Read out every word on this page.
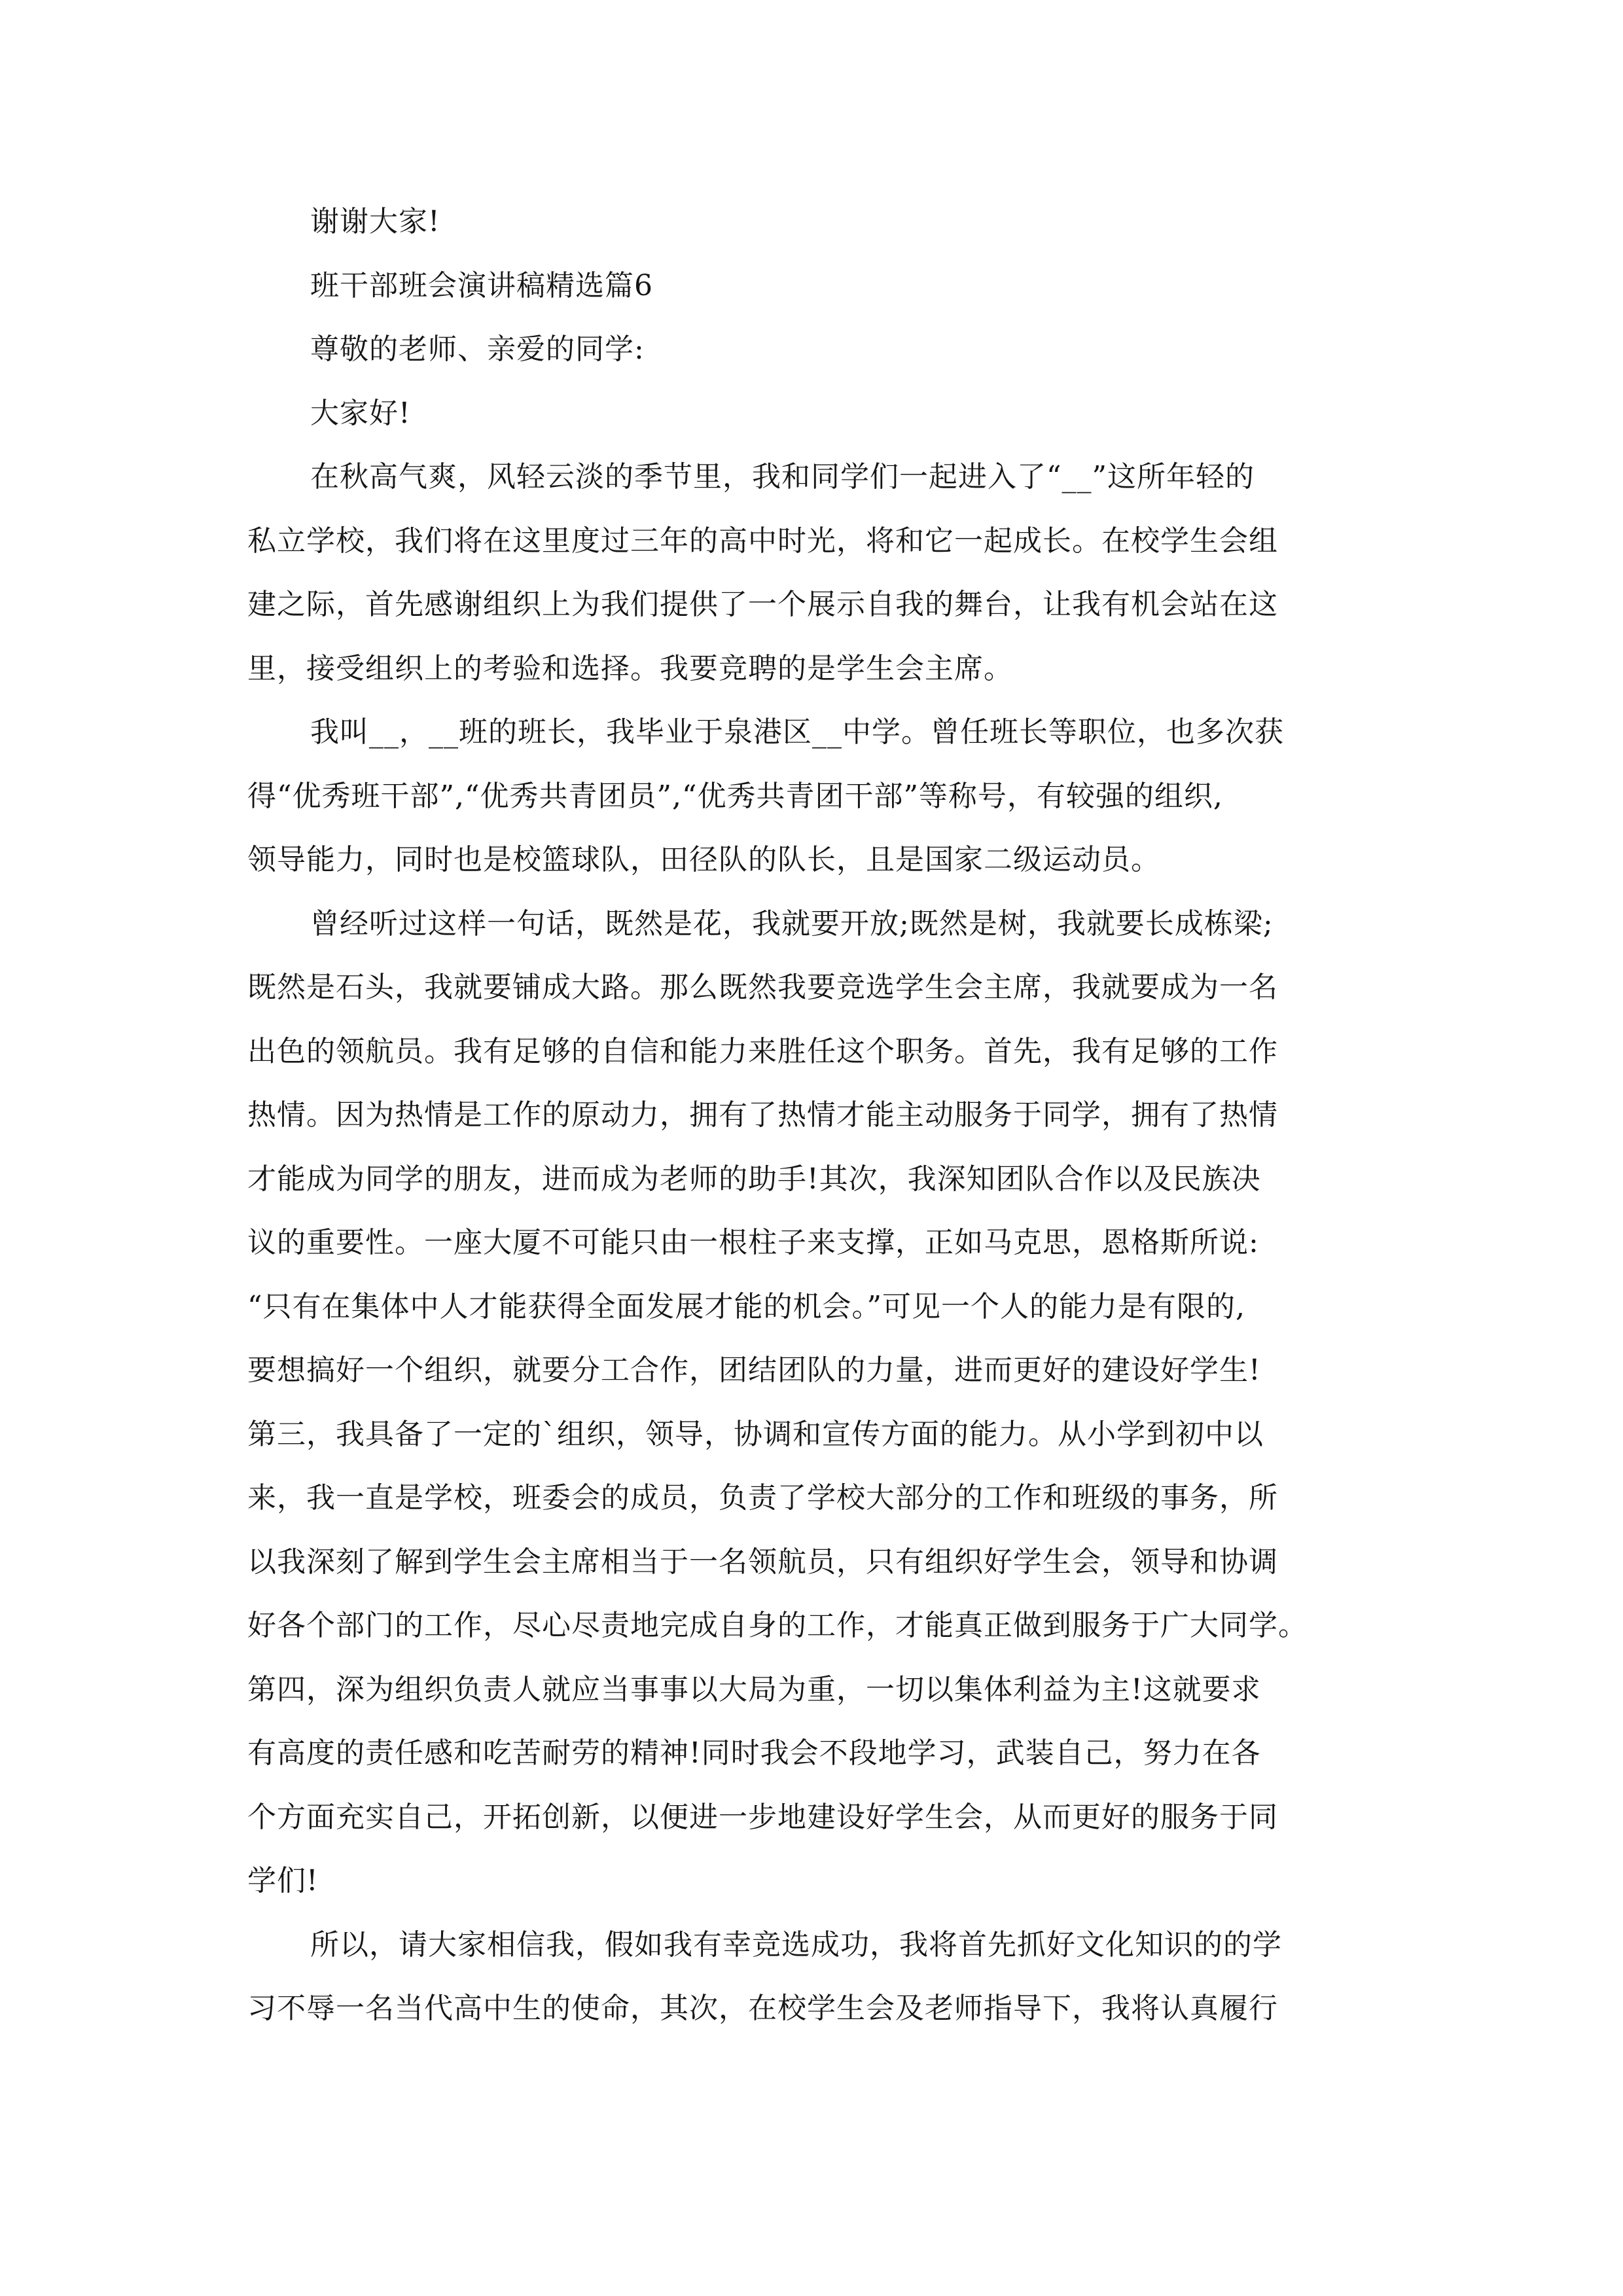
谢谢大家!

班干部班会演讲稿精选篇6

尊敬的老师、亲爱的同学:

大家好!

在秋高气爽，风轻云淡的季节里，我和同学们一起进入了“__”这所年轻的

私立学校，我们将在这里度过三年的高中时光，将和它一起成长。在校学生会组

建之际，首先感谢组织上为我们提供了一个展示自我的舞台，让我有机会站在这

里，接受组织上的考验和选择。我要竞聘的是学生会主席。

我叫__，__班的班长，我毕业于泉港区__中学。曾任班长等职位，也多次获

得“优秀班干部”,“优秀共青团员”,“优秀共青团干部”等称号，有较强的组织,

领导能力，同时也是校篮球队，田径队的队长，且是国家二级运动员。

曾经听过这样一句话，既然是花，我就要开放;既然是树，我就要长成栋梁;

既然是石头，我就要铺成大路。那么既然我要竞选学生会主席，我就要成为一名

出色的领航员。我有足够的自信和能力来胜任这个职务。首先，我有足够的工作

热情。因为热情是工作的原动力，拥有了热情才能主动服务于同学，拥有了热情

才能成为同学的朋友，进而成为老师的助手!其次，我深知团队合作以及民族决

议的重要性。一座大厦不可能只由一根柱子来支撑，正如马克思，恩格斯所说:

“只有在集体中人才能获得全面发展才能的机会。”可见一个人的能力是有限的,

要想搞好一个组织，就要分工合作，团结团队的力量，进而更好的建设好学生!

第三，我具备了一定的`组织，领导，协调和宣传方面的能力。从小学到初中以

来，我一直是学校，班委会的成员，负责了学校大部分的工作和班级的事务，所

以我深刻了解到学生会主席相当于一名领航员，只有组织好学生会，领导和协调

好各个部门的工作，尽心尽责地完成自身的工作，才能真正做到服务于广大同学。

第四，深为组织负责人就应当事事以大局为重，一切以集体利益为主!这就要求

有高度的责任感和吃苦耐劳的精神!同时我会不段地学习，武装自己，努力在各

个方面充实自己，开拓创新，以便进一步地建设好学生会，从而更好的服务于同

学们!

所以，请大家相信我，假如我有幸竞选成功，我将首先抓好文化知识的的学

习不辱一名当代高中生的使命，其次，在校学生会及老师指导下，我将认真履行
